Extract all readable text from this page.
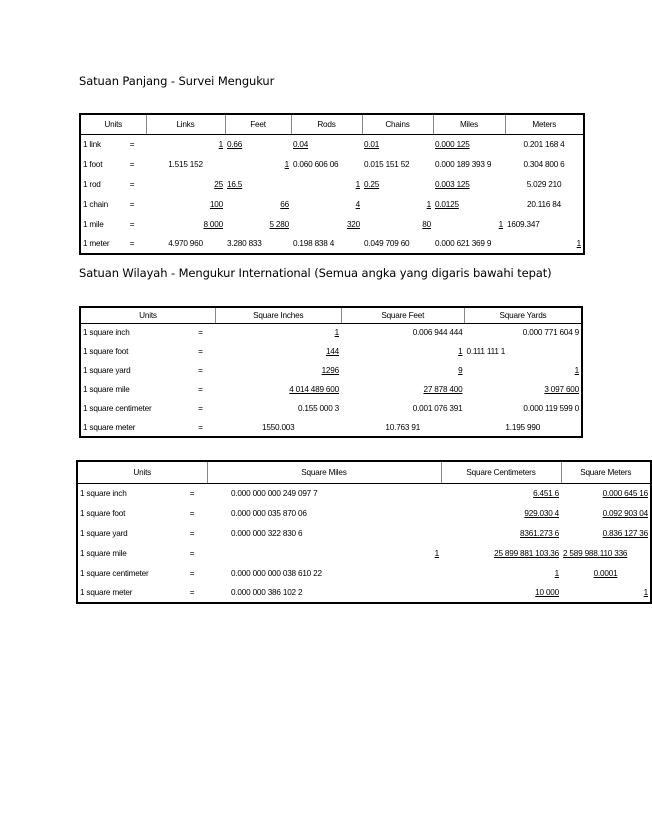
Satuan Panjang - Survei Mengukur
Units		Links	Feet	Rods	Chains	Miles	Meters
1 link	=	1	0.66	0.04	0.01	0.000 125	0.201 168 4
1 foot	=	1.515 152	1	0.060 606 06	0.015 151 52	0.000 189 393 9	0.304 800 6
1 rod	=	25	16.5	1	0.25	0.003 125	5.029 210
1 chain	=	100	66	4	1	0.0125	20.116 84
1 mile	=	8 000	5 280	320	80	1	1609.347
1 meter	=	4.970 960	3.280 833	0.198 838 4	0.049 709 60	0.000 621 369 9	1
Satuan Wilayah - Mengukur International (Semua angka yang digaris bawahi tepat)
Units		Square Inches	Square Feet	Square Yards
1 square inch	=	1	0.006 944 444	0.000 771 604 9
1 square foot	=	144	1	0.111 111 1
1 square yard	=	1296	9	1
1 square mile	=	4 014 489 600	27 878 400	3 097 600
1 square centimeter	=	0.155 000 3	0.001 076 391	0.000 119 599 0
1 square meter	=	1550.003	10.763 91	1.195 990
Units		Square Miles	Square Centimeters	Square Meters
1 square inch	=	0.000 000 000 249 097 7	6.451 6	0.000 645 16
1 square foot	=	0.000 000 035 870 06	929.030 4	0.092 903 04
1 square yard	=	0.000 000 322 830 6	8361.273 6	0.836 127 36
1 square mile	=	1	25 899 881 103.36	2 589 988.110 336
1 square centimeter	=	0.000 000 000 038 610 22	1	0.0001
1 square meter	=	0.000 000 386 102 2	10 000	1
